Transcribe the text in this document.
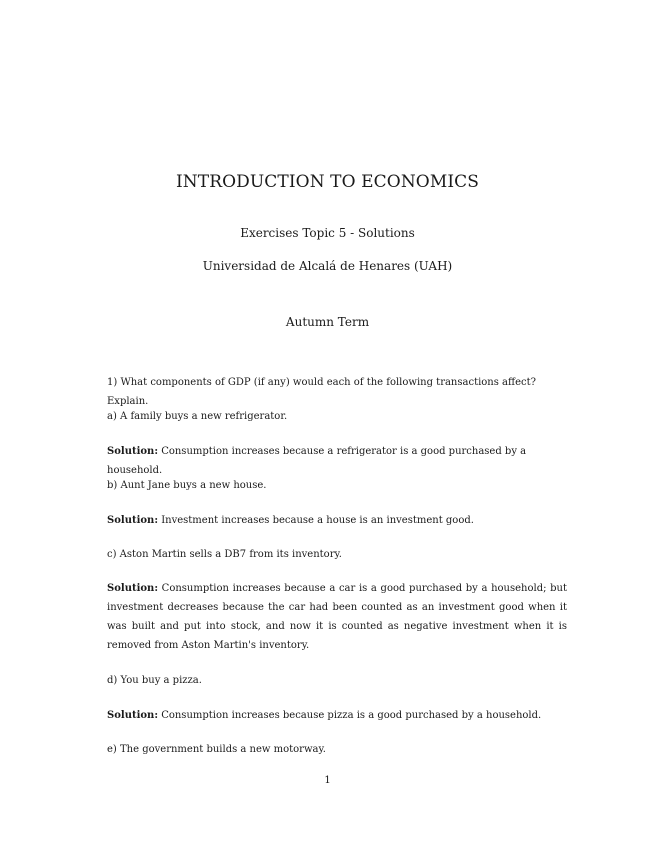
INTRODUCTION TO ECONOMICS
Exercises Topic 5 - Solutions
Universidad de Alcalá de Henares (UAH)
Autumn Term
1) What components of GDP (if any) would each of the following transactions affect? Explain.
a) A family buys a new refrigerator.
Solution: Consumption increases because a refrigerator is a good purchased by a household.
b) Aunt Jane buys a new house.
Solution: Investment increases because a house is an investment good.
c) Aston Martin sells a DB7 from its inventory.
Solution: Consumption increases because a car is a good purchased by a household; but investment decreases because the car had been counted as an investment good when it was built and put into stock, and now it is counted as negative investment when it is removed from Aston Martin's inventory.
d) You buy a pizza.
Solution: Consumption increases because pizza is a good purchased by a household.
e) The government builds a new motorway.
1
